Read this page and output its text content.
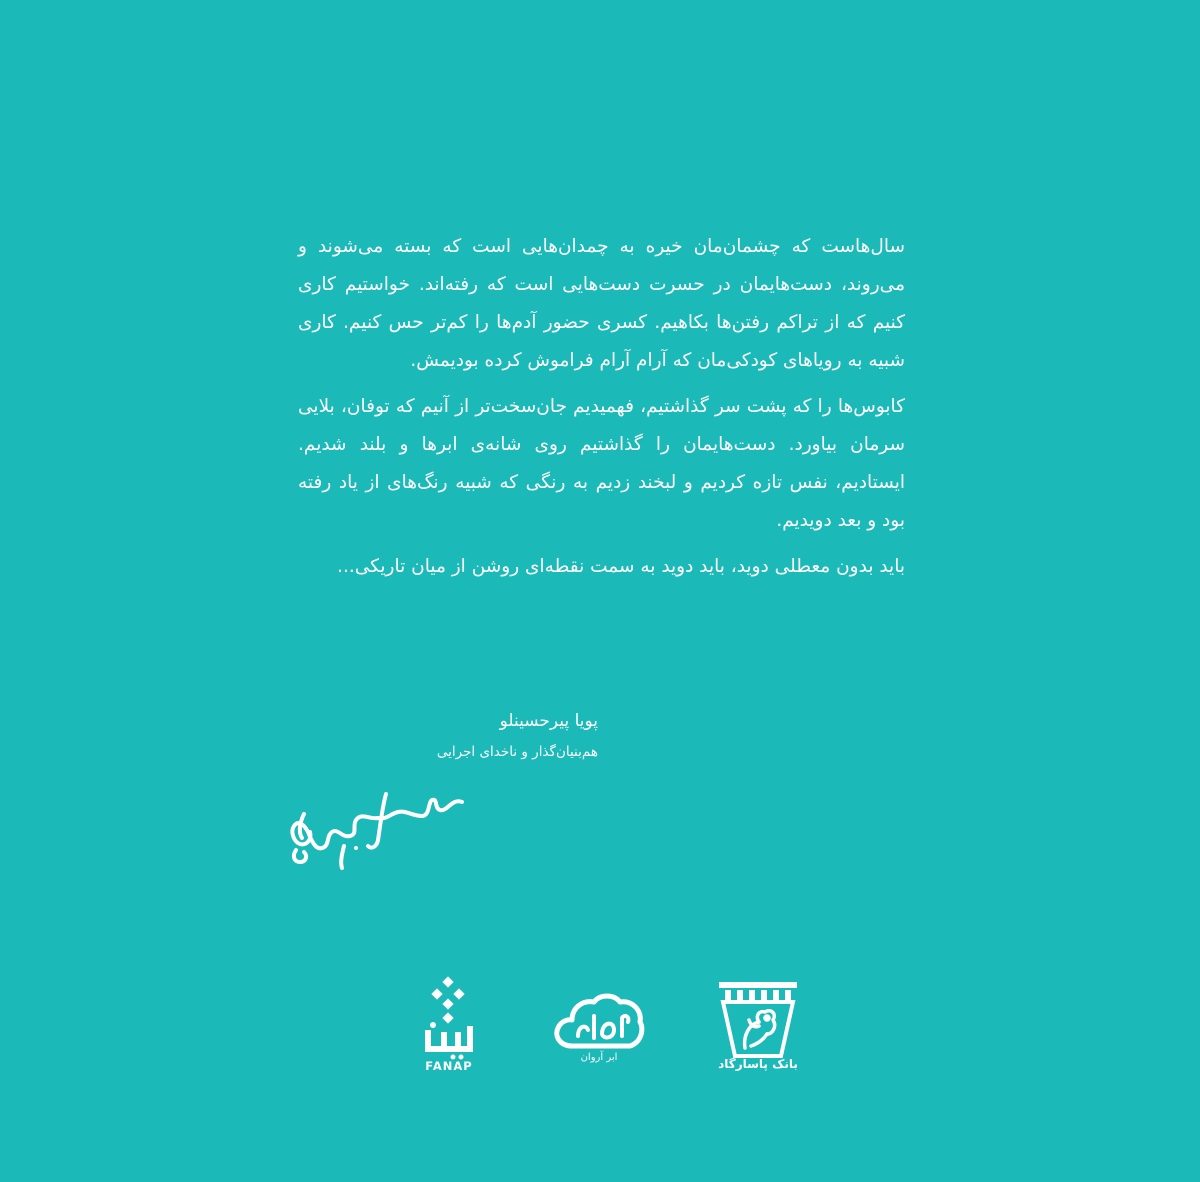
سال‌هاست که چشمان‌مان خیره به چمدان‌هایی است که بسته می‌شوند و می‌روند، دست‌هایمان در حسرت دست‌هایی است که رفته‌اند. خواستیم کاری کنیم که از تراکم رفتن‌ها بکاهیم. کسری حضور آدم‌ها را کم‌تر حس کنیم. کاری شبیه به رویاهای کودکی‌مان که آرام آرام فراموش کرده بودیمش.

کابوس‌ها را که پشت سر گذاشتیم، فهمیدیم جان‌سخت‌تر از آنیم که توفان، بلایی سرمان بیاورد. دست‌هایمان را گذاشتیم روی شانه‌ی ابرها و بلند شدیم. ایستادیم، نفس تازه کردیم و لبخند زدیم به رنگی که شبیه رنگ‌های از یاد رفته بود و بعد دویدیم.

باید بدون معطلی دوید، باید دوید به سمت نقطه‌ای روشن از میان تاریکی...

پویا پیرحسینلو
هم‌بنیان‌گذار و ناخدای اجرایی
FANAP
ابر آروان	بانک پاسارگاد
